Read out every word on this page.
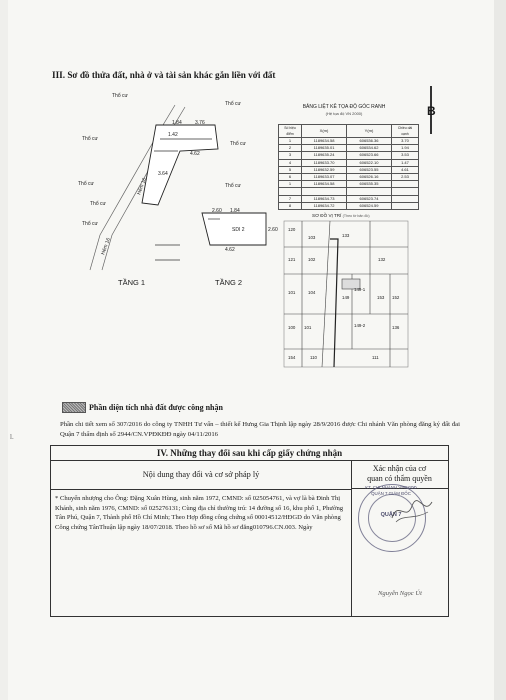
III. Sơ đồ thửa đất, nhà ở và tài sản khác gắn liền với đất
B
Thổ cư
Thổ cư
Thổ cư
Thổ cư
Thổ cư
Thổ cư
Thổ cư
Thổ cư
1.84	3.76
1.42
4.62
3.64
2.60 1.84
2.60
4.62
SDI 2
Hẻm 16
Hẻm 16
TẦNG 1	TẦNG 2
BẢNG LIỆT KÊ TỌA ĐỘ GÓC RANH
(Hệ tọa độ VN 2000)
Số hiệu điểm	X(m)	Y(m)	Chiều dài cạnh
1	1189634.58	606536.36	3.70
2	1189635.01	606534.62	1.94
3	1189635.24	606523.66	3.53
4	1189633.70	606522.10	1.47
5	1189632.59	606523.55	4.61
6	1189633.07	606526.16	2.53
1	1189634.58	606535.35	

7	1189634.73	606523.74	
8	1189634.72	606524.59	
SƠ ĐỒ VỊ TRÍ (Theo tờ bản đồ)
120
103	133
121	102	132
104
101
149	153
149-1
149-2
101
100
154	110	111
136
152
Phần diện tích nhà đất được công nhận
Phần chi tiết xem sổ 307/2016 do công ty TNHH Tư vấn – thiết kế Hưng Gia Thịnh lập ngày 28/9/2016 được Chi nhánh Văn phòng đăng ký đất đai Quận 7 thẩm định số 2944/CN.VPĐKĐĐ ngày 04/11/2016
l.
IV. Những thay đổi sau khi cấp giấy chứng nhận
Nội dung thay đổi và cơ sở pháp lý
Xác nhận của cơ
quan có thẩm quyền
* Chuyển nhượng cho Ông: Đặng Xuân Hùng, sinh năm 1972, CMND: số 025054761, và vợ là bà Đinh Thị Khánh, sinh năm 1976, CMND: số 025276131; Cùng địa chỉ thường trú: 14 đường số 16, khu phố 1, Phường Tân Phú, Quận 7, Thành phố Hồ Chí Minh; Theo Hợp đồng công chứng số 00014512/HĐGD do Văn phòng Công chứng TânThuận lập ngày 18/07/2018. Theo hồ sơ số Mã hồ sơ đăng010796.CN.003. Ngày
KT. CHI NHÁNH VPĐKĐĐ QUẬN 7 GIÁM ĐỐC
QUẬN 7
Nguyễn Ngọc Út
